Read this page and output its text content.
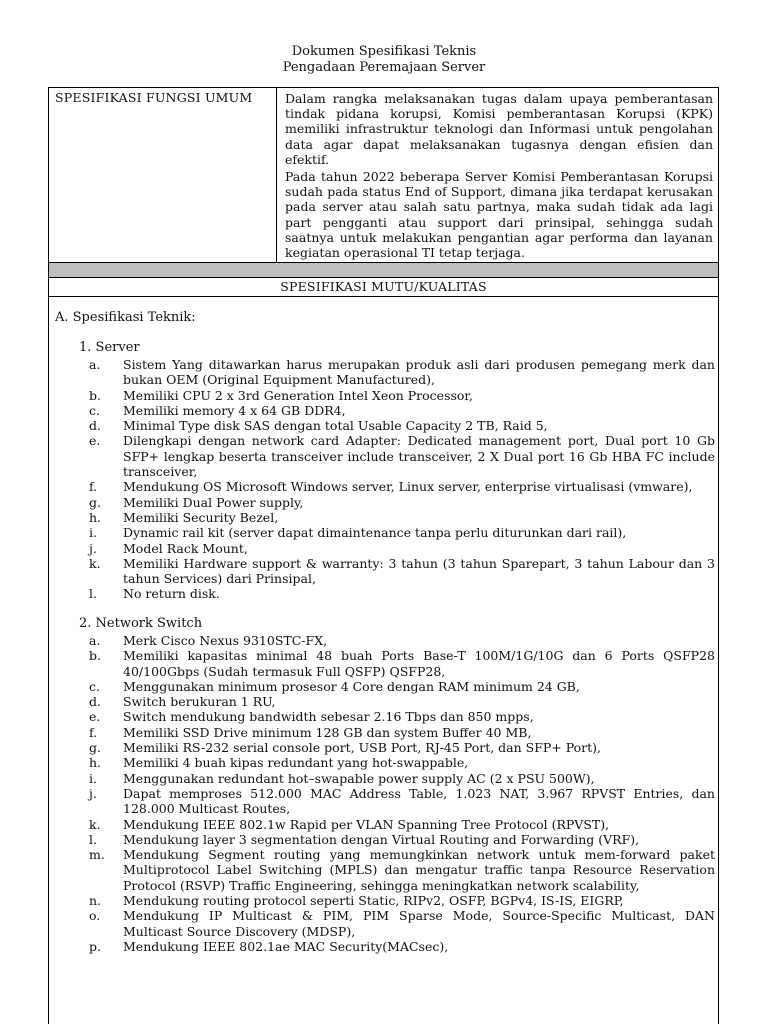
Dokumen Spesifikasi Teknis
Pengadaan Peremajaan Server
SPESIFIKASI FUNGSI UMUM	Dalam rangka melaksanakan tugas dalam upaya pemberantasan tindak pidana korupsi, Komisi pemberantasan Korupsi (KPK) memiliki infrastruktur teknologi dan Informasi untuk pengolahan data agar dapat melaksanakan tugasnya dengan efisien dan efektif.

Pada tahun 2022 beberapa Server Komisi Pemberantasan Korupsi sudah pada status End of Support, dimana jika terdapat kerusakan pada server atau salah satu partnya, maka sudah tidak ada lagi part pengganti atau support dari prinsipal, sehingga sudah saatnya untuk melakukan pengantian agar performa dan layanan kegiatan operasional TI tetap terjaga.

SPESIFIKASI MUTU/KUALITAS
A. Spesifikasi Teknik:
1. Server
a.	Sistem Yang ditawarkan harus merupakan produk asli dari produsen pemegang merk dan bukan OEM (Original Equipment Manufactured),
b.	Memiliki CPU 2 x 3rd Generation Intel Xeon Processor,
c.	Memiliki memory 4 x 64 GB DDR4,
d.	Minimal Type disk SAS dengan total Usable Capacity 2 TB, Raid 5,
e.	Dilengkapi dengan network card Adapter: Dedicated management port, Dual port 10 Gb SFP+ lengkap beserta transceiver include transceiver, 2 X Dual port 16 Gb HBA FC include transceiver,
f.	Mendukung OS Microsoft Windows server, Linux server, enterprise virtualisasi (vmware),
g.	Memiliki Dual Power supply,
h.	Memiliki Security Bezel,
i.	Dynamic rail kit (server dapat dimaintenance tanpa perlu diturunkan dari rail),
j.	Model Rack Mount,
k.	Memiliki Hardware support & warranty: 3 tahun (3 tahun Sparepart, 3 tahun Labour dan 3 tahun Services) dari Prinsipal,
l.	No return disk.
2. Network Switch
a.	Merk Cisco Nexus 9310STC-FX,
b.	Memiliki kapasitas minimal 48 buah Ports Base-T 100M/1G/10G dan 6 Ports QSFP28 40/100Gbps (Sudah termasuk Full QSFP) QSFP28,
c.	Menggunakan minimum prosesor 4 Core dengan RAM minimum 24 GB,
d.	Switch berukuran 1 RU,
e.	Switch mendukung bandwidth sebesar 2.16 Tbps dan 850 mpps,
f.	Memiliki SSD Drive minimum 128 GB dan system Buffer 40 MB,
g.	Memiliki RS-232 serial console port, USB Port, RJ-45 Port, dan SFP+ Port),
h.	Memiliki 4 buah kipas redundant yang hot-swappable,
i.	Menggunakan redundant hot–swapable power supply AC (2 x PSU 500W),
j.	Dapat memproses 512.000 MAC Address Table, 1.023 NAT, 3.967 RPVST Entries, dan 128.000 Multicast Routes,
k.	Mendukung IEEE 802.1w Rapid per VLAN Spanning Tree Protocol (RPVST),
l.	Mendukung layer 3 segmentation dengan Virtual Routing and Forwarding (VRF),
m.	Mendukung Segment routing yang memungkinkan network untuk mem-forward paket Multiprotocol Label Switching (MPLS) dan mengatur traffic tanpa Resource Reservation Protocol (RSVP) Traffic Engineering, sehingga meningkatkan network scalability,
n.	Mendukung routing protocol seperti Static, RIPv2, OSFP, BGPv4, IS-IS, EIGRP,
o.	Mendukung IP Multicast & PIM, PIM Sparse Mode, Source-Specific Multicast, DAN Multicast Source Discovery (MDSP),
p.	Mendukung IEEE 802.1ae MAC Security(MACsec),
